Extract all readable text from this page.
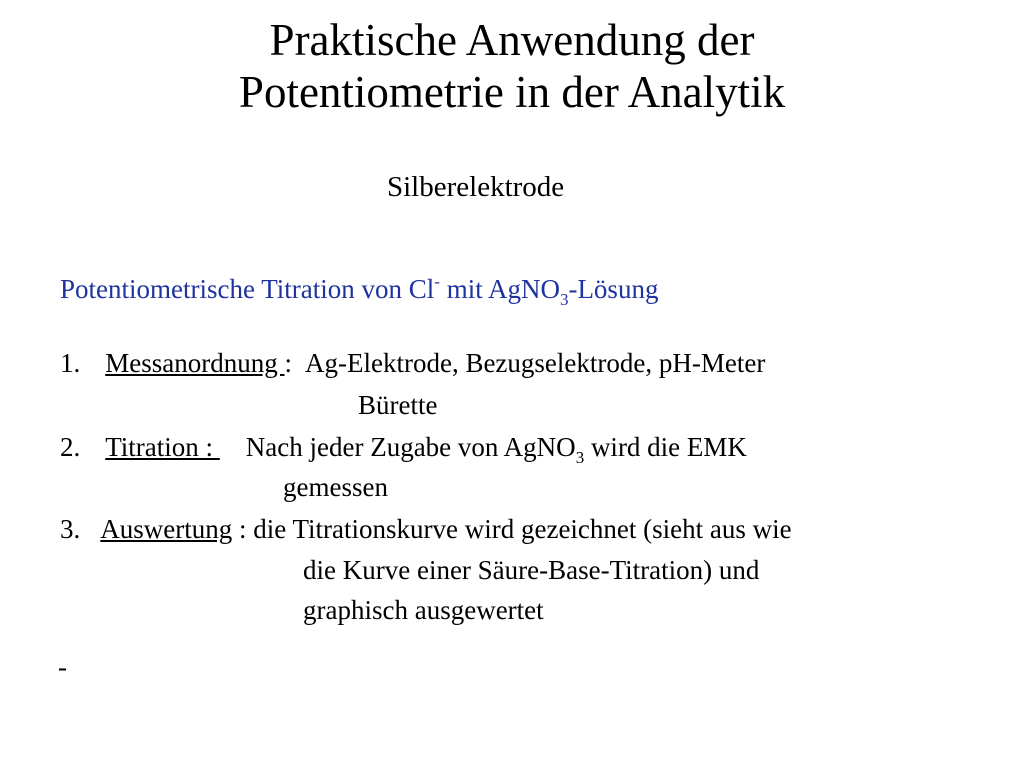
Praktische Anwendung der
Potentiometrie in der Analytik
Silberelektrode
Potentiometrische Titration von Cl- mit AgNO$_3$-Lösung
1. Messanordnung : Ag-Elektrode, Bezugselektrode, pH-Meter
Bürette
2. Titration : Nach jeder Zugabe von AgNO$_3$ wird die EMK
gemessen
3. Auswertung : die Titrationskurve wird gezeichnet (sieht aus wie
die Kurve einer Säure-Base-Titration) und
graphisch ausgewertet
-
